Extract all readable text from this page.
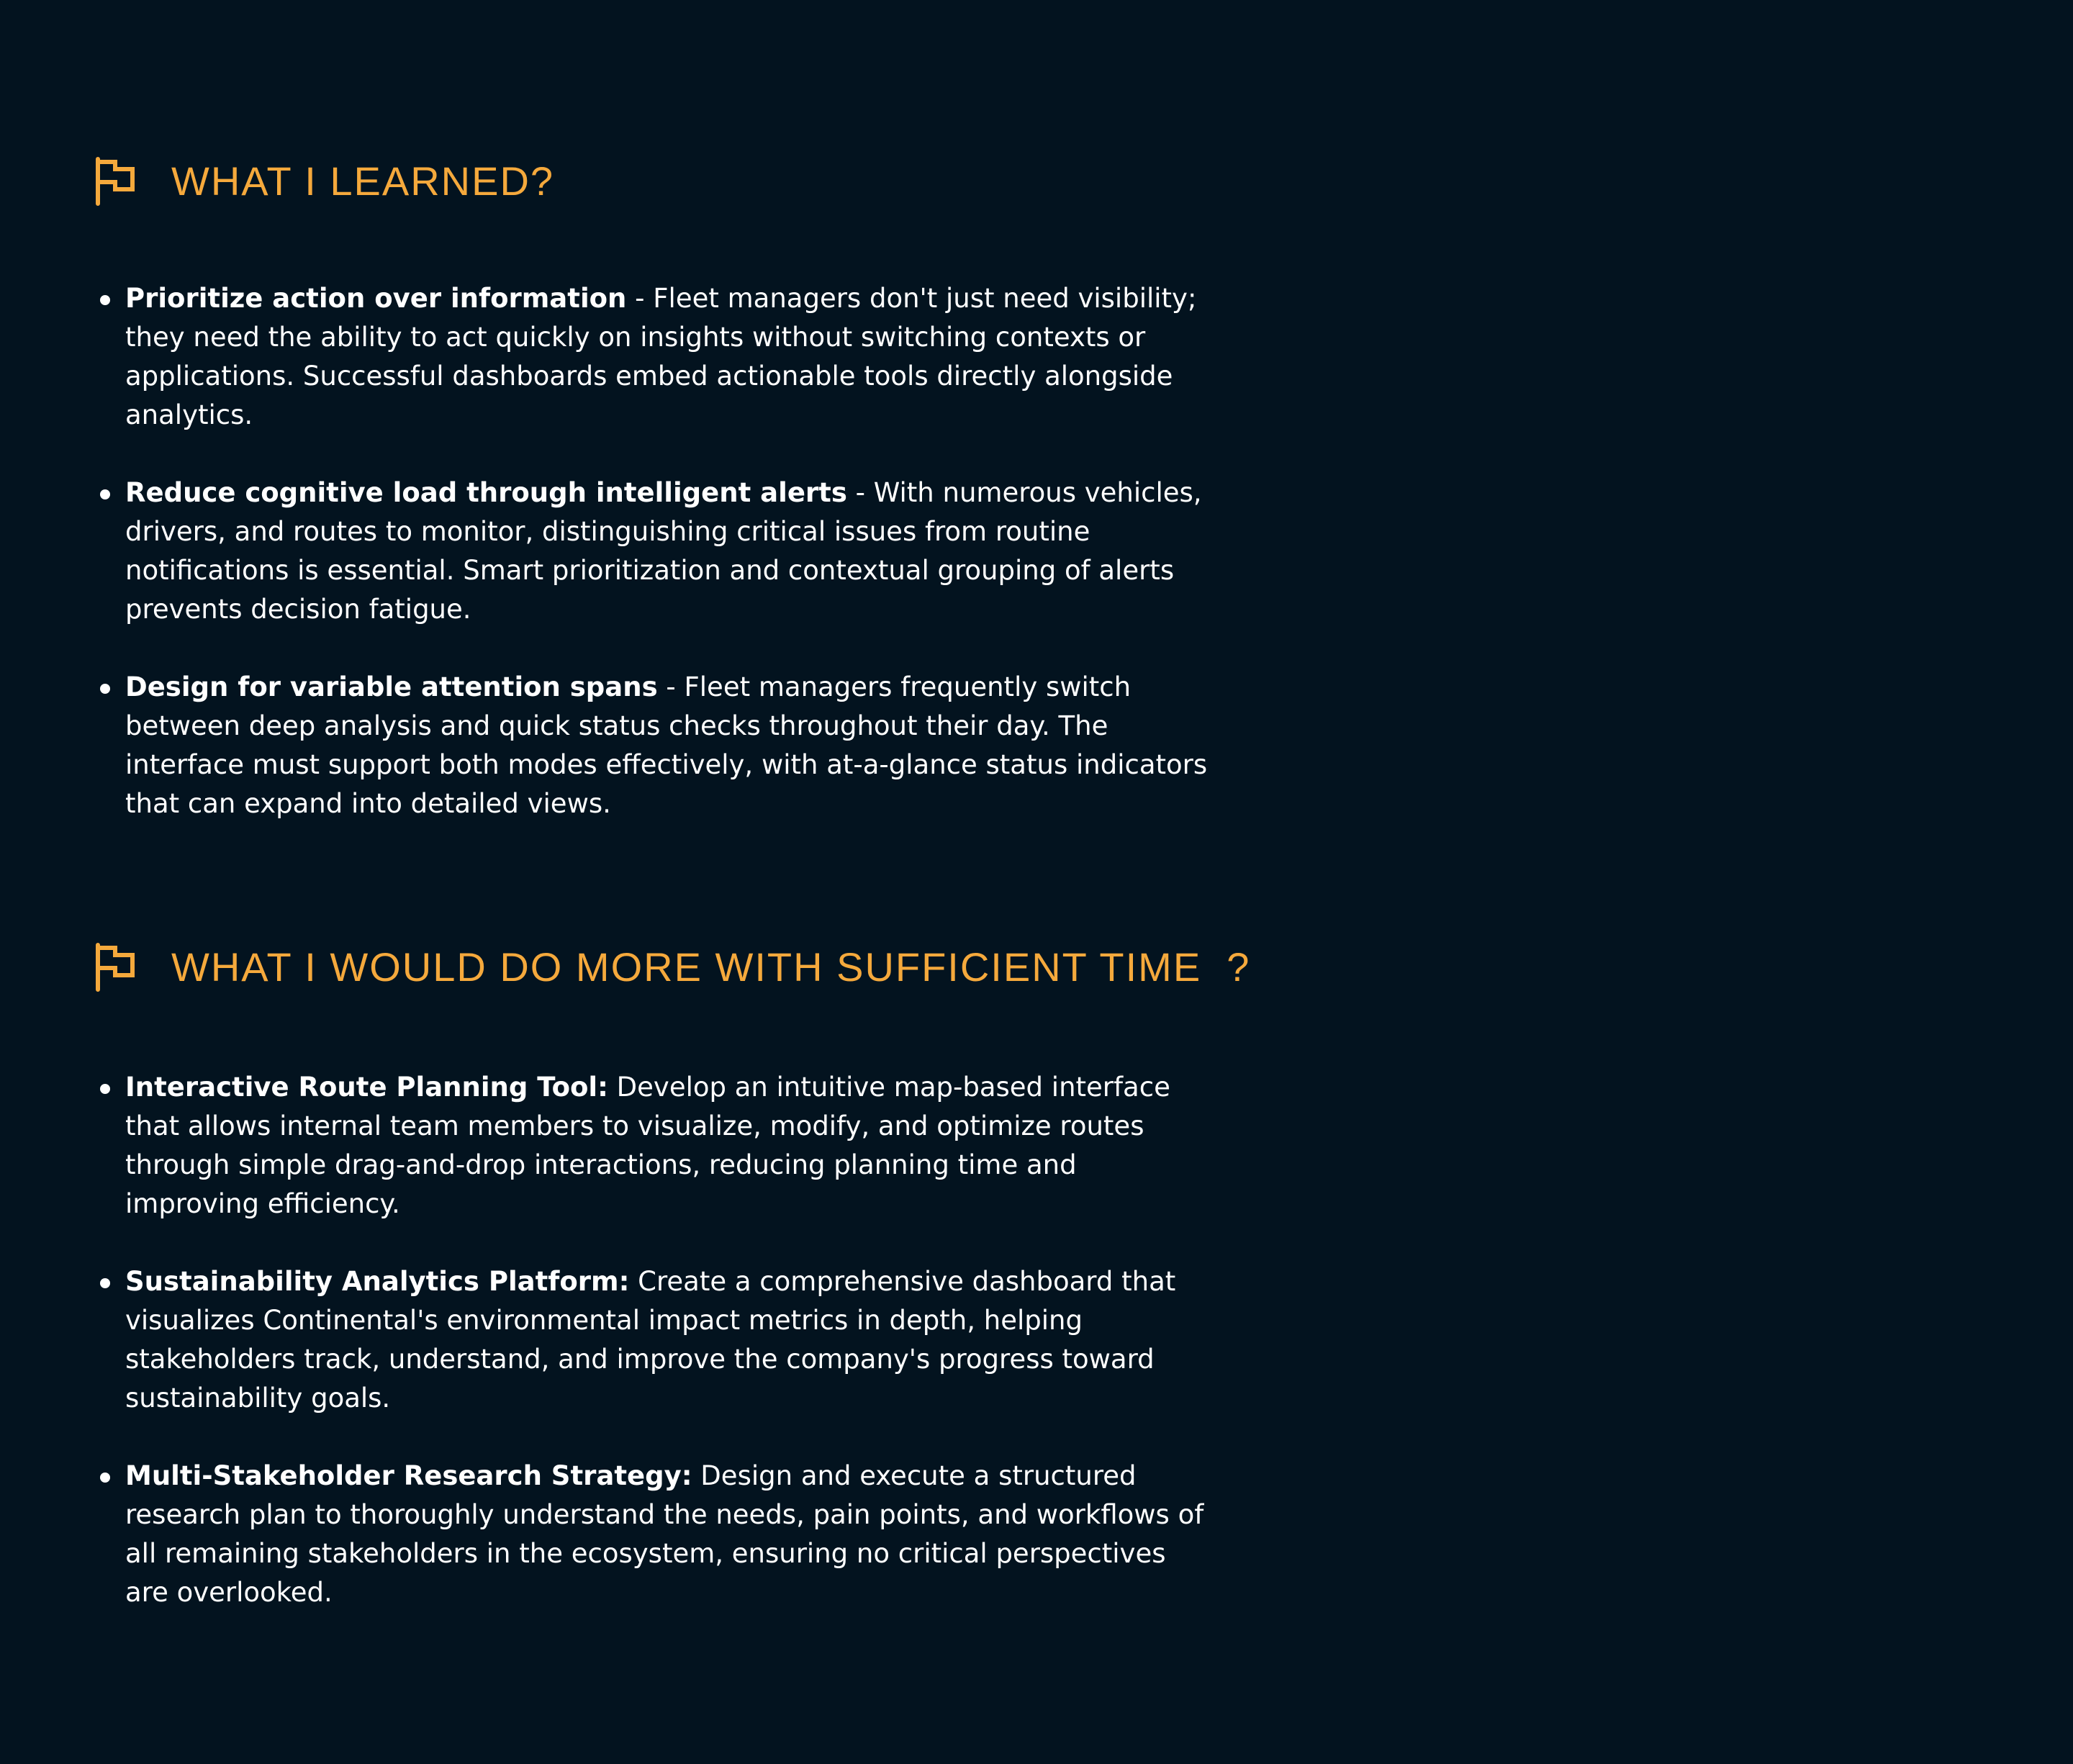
WHAT I LEARNED?
Prioritize action over information - Fleet managers don't just need visibility;
they need the ability to act quickly on insights without switching contexts or
applications. Successful dashboards embed actionable tools directly alongside
analytics.
Reduce cognitive load through intelligent alerts - With numerous vehicles,
drivers, and routes to monitor, distinguishing critical issues from routine
notifications is essential. Smart prioritization and contextual grouping of alerts
prevents decision fatigue.
Design for variable attention spans - Fleet managers frequently switch
between deep analysis and quick status checks throughout their day. The
interface must support both modes effectively, with at-a-glance status indicators
that can expand into detailed views.
WHAT I WOULD DO MORE WITH SUFFICIENT TIME  ?
Interactive Route Planning Tool: Develop an intuitive map-based interface
that allows internal team members to visualize, modify, and optimize routes
through simple drag-and-drop interactions, reducing planning time and
improving efficiency.
Sustainability Analytics Platform: Create a comprehensive dashboard that
visualizes Continental's environmental impact metrics in depth, helping
stakeholders track, understand, and improve the company's progress toward
sustainability goals.
Multi-Stakeholder Research Strategy: Design and execute a structured
research plan to thoroughly understand the needs, pain points, and workflows of
all remaining stakeholders in the ecosystem, ensuring no critical perspectives
are overlooked.
